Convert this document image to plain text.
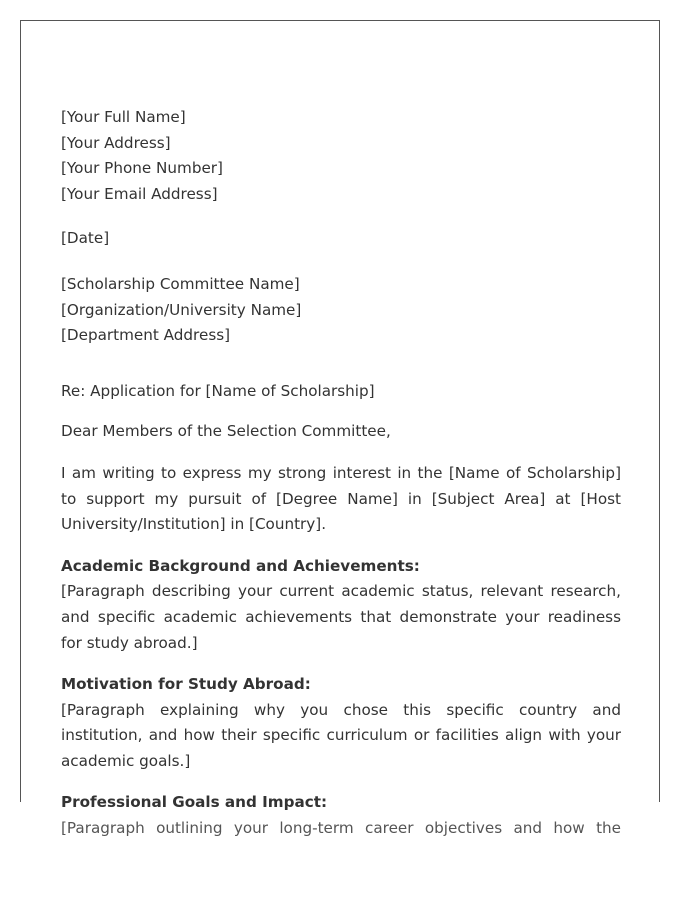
[Your Full Name]
[Your Address]
[Your Phone Number]
[Your Email Address]
[Date]
[Scholarship Committee Name]
[Organization/University Name]
[Department Address]
Re: Application for [Name of Scholarship]
Dear Members of the Selection Committee,

I am writing to express my strong interest in the [Name of Scholarship] to support my pursuit of [Degree Name] in [Subject Area] at [Host University/Institution] in [Country].

Academic Background and Achievements:

[Paragraph describing your current academic status, relevant research, and specific academic achievements that demonstrate your readiness for study abroad.]

Motivation for Study Abroad:

[Paragraph explaining why you chose this specific country and institution, and how their specific curriculum or facilities align with your academic goals.]

Professional Goals and Impact:

[Paragraph outlining your long-term career objectives and how the
